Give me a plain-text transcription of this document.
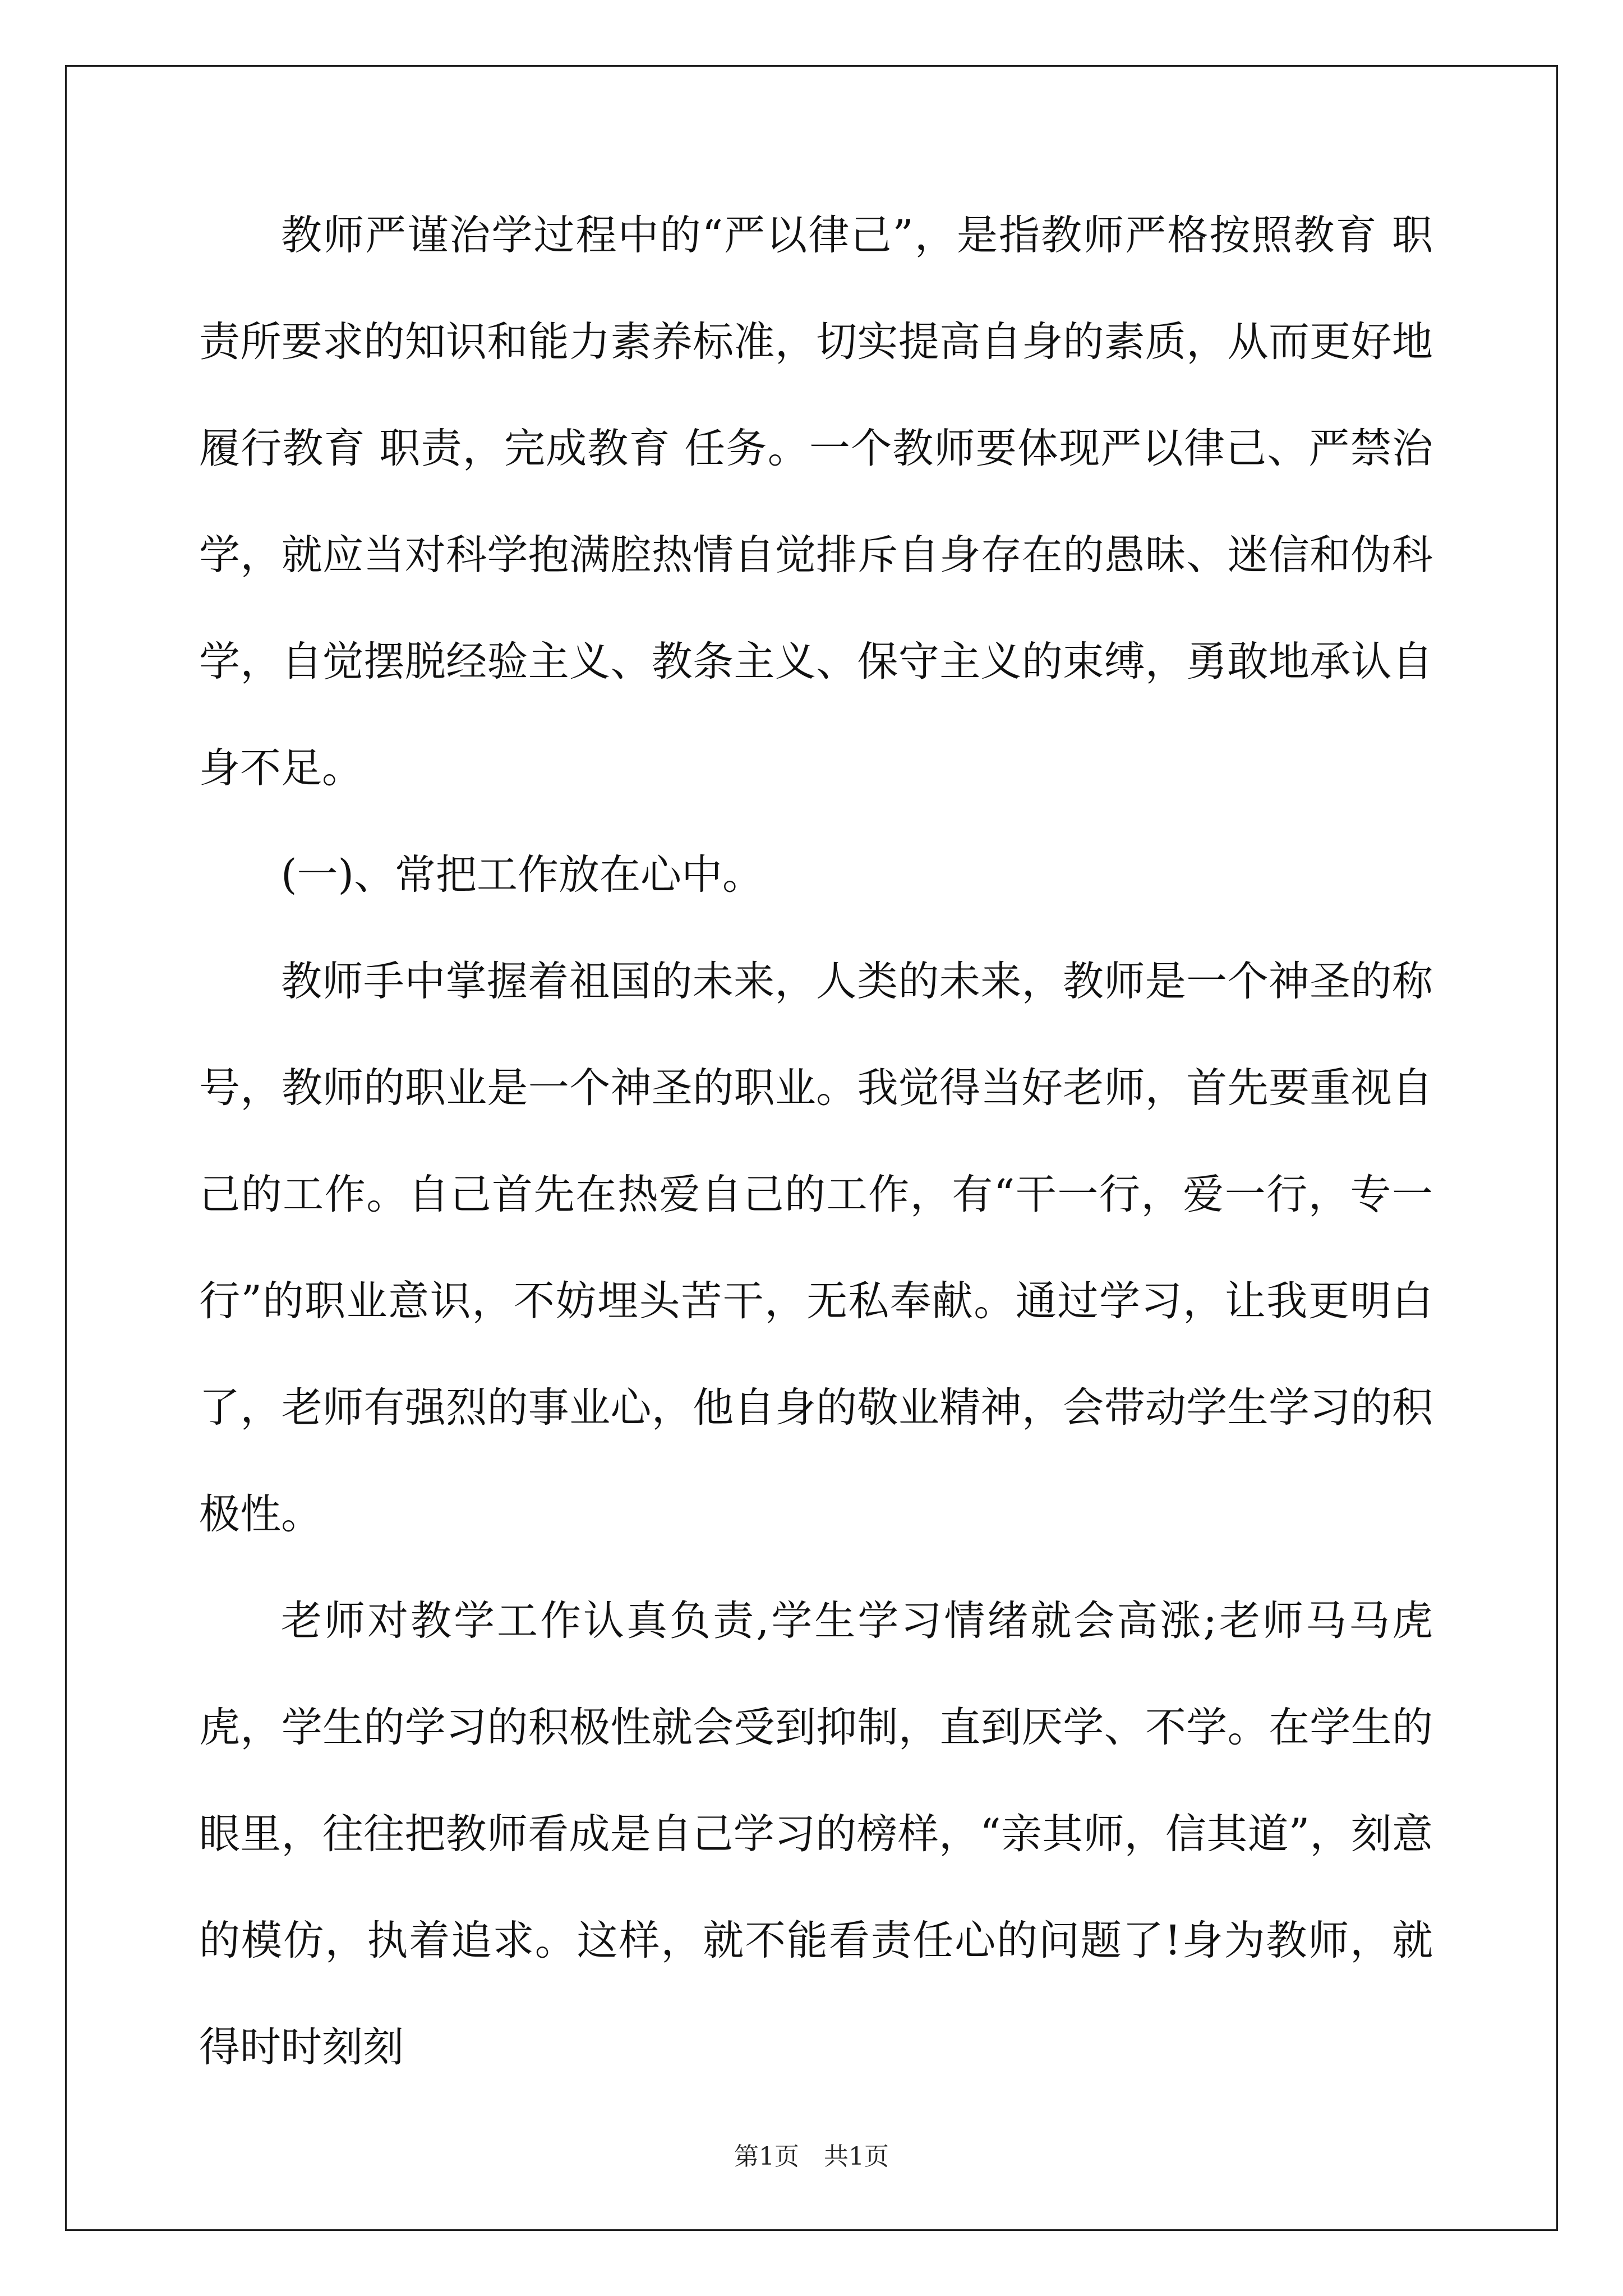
教师严谨治学过程中的“严以律己”，是指教师严格按照教育 职责所要求的知识和能力素养标准，切实提高自身的素质，从而更好地履行教育 职责，完成教育 任务。一个教师要体现严以律己、严禁治学，就应当对科学抱满腔热情自觉排斥自身存在的愚昧、迷信和伪科学，自觉摆脱经验主义、教条主义、保守主义的束缚，勇敢地承认自身不足。

(一)、常把工作放在心中。

教师手中掌握着祖国的未来，人类的未来，教师是一个神圣的称号，教师的职业是一个神圣的职业。我觉得当好老师，首先要重视自己的工作。自己首先在热爱自己的工作，有“干一行，爱一行，专一行”的职业意识，不妨埋头苦干，无私奉献。通过学习，让我更明白了，老师有强烈的事业心，他自身的敬业精神，会带动学生学习的积极性。

老师对教学工作认真负责,学生学习情绪就会高涨;老师马马虎虎，学生的学习的积极性就会受到抑制，直到厌学、不学。在学生的眼里，往往把教师看成是自己学习的榜样，“亲其师，信其道”，刻意的模仿，执着追求。这样，就不能看责任心的问题了!身为教师，就得时时刻刻

第1页　共1页
